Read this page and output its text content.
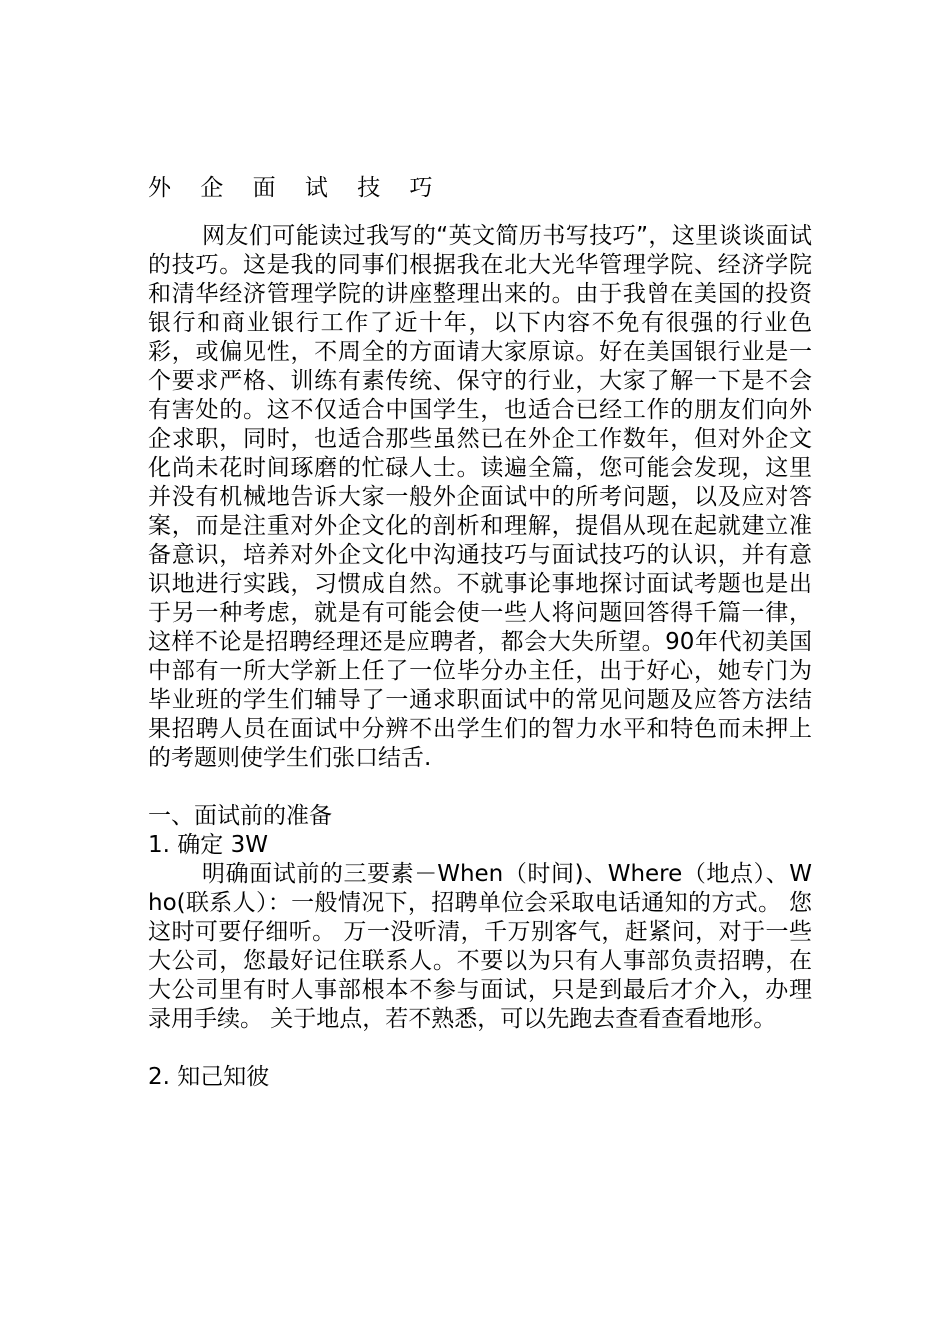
外 企 面 试 技 巧

网友们可能读过我写的“英文简历书写技巧”，这里谈谈面试的技巧。这是我的同事们根据我在北大光华管理学院、经济学院和清华经济管理学院的讲座整理出来的。由于我曾在美国的投资银行和商业银行工作了近十年，以下内容不免有很强的行业色彩，或偏见性，不周全的方面请大家原谅。好在美国银行业是一个要求严格、训练有素传统、保守的行业，大家了解一下是不会有害处的。这不仅适合中国学生，也适合已经工作的朋友们向外企求职，同时，也适合那些虽然已在外企工作数年，但对外企文化尚未花时间琢磨的忙碌人士。读遍全篇，您可能会发现，这里并没有机械地告诉大家一般外企面试中的所考问题，以及应对答案，而是注重对外企文化的剖析和理解，提倡从现在起就建立准备意识，培养对外企文化中沟通技巧与面试技巧的认识，并有意识地进行实践，习惯成自然。不就事论事地探讨面试考题也是出于另一种考虑，就是有可能会使一些人将问题回答得千篇一律，这样不论是招聘经理还是应聘者，都会大失所望。90年代初美国中部有一所大学新上任了一位毕分办主任，出于好心，她专门为毕业班的学生们辅导了一通求职面试中的常见问题及应答方法结果招聘人员在面试中分辨不出学生们的智力水平和特色而未押上的考题则使学生们张口结舌.

一、面试前的准备
1. 确定 3W

明确面试前的三要素－When（时间)、Where（地点）、Who(联系人）：一般情况下，招聘单位会采取电话通知的方式。 您这时可要仔细听。 万一没听清，千万别客气，赶紧问，对于一些大公司，您最好记住联系人。不要以为只有人事部负责招聘，在大公司里有时人事部根本不参与面试，只是到最后才介入，办理录用手续。 关于地点，若不熟悉，可以先跑去查看查看地形。

2. 知己知彼
